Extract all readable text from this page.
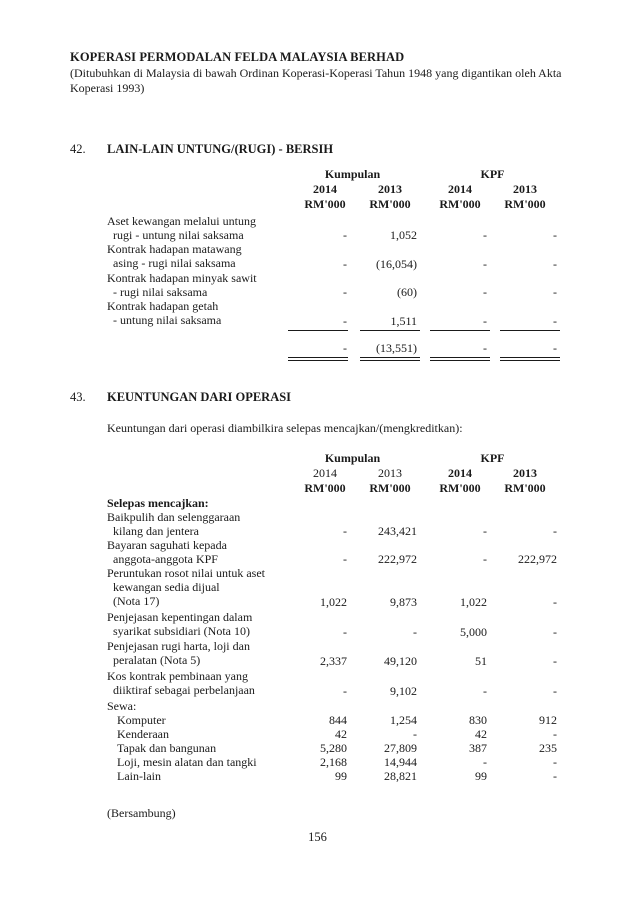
KOPERASI PERMODALAN FELDA MALAYSIA BERHAD
(Ditubuhkan di Malaysia di bawah Ordinan Koperasi-Koperasi Tahun 1948 yang digantikan oleh Akta Koperasi 1993)
42. LAIN-LAIN UNTUNG/(RUGI) - BERSIH
Kumpulan	KPF
2014	2013	2014	2013
RM'000	RM'000	RM'000	RM'000
Aset kewangan melalui untung
rugi - untung nilai saksama	-	1,052	-	-
Kontrak hadapan matawang
asing - rugi nilai saksama	-	(16,054)	-	-
Kontrak hadapan minyak sawit
- rugi nilai saksama	-	(60)	-	-
Kontrak hadapan getah
- untung nilai saksama	-	1,511	-	-
-	(13,551)	-	-
43. KEUNTUNGAN DARI OPERASI
Keuntungan dari operasi diambilkira selepas mencajkan/(mengkreditkan):
Kumpulan	KPF
2014	2013	2014	2013
RM'000	RM'000	RM'000	RM'000
Selepas mencajkan:
Baikpulih dan selenggaraan
kilang dan jentera	-	243,421	-	-
Bayaran saguhati kepada
anggota-anggota KPF	-	222,972	-	222,972
Peruntukan rosot nilai untuk aset
kewangan sedia dijual
(Nota 17)	1,022	9,873	1,022	-
Penjejasan kepentingan dalam
syarikat subsidiari (Nota 10)	-	-	5,000	-
Penjejasan rugi harta, loji dan
peralatan (Nota 5)	2,337	49,120	51	-
Kos kontrak pembinaan yang
diiktiraf sebagai perbelanjaan	-	9,102	-	-
Sewa:
Komputer	844	1,254	830	912
Kenderaan	42	-	42	-
Tapak dan bangunan	5,280	27,809	387	235
Loji, mesin alatan dan tangki	2,168	14,944	-	-
Lain-lain	99	28,821	99	-
(Bersambung)
156
